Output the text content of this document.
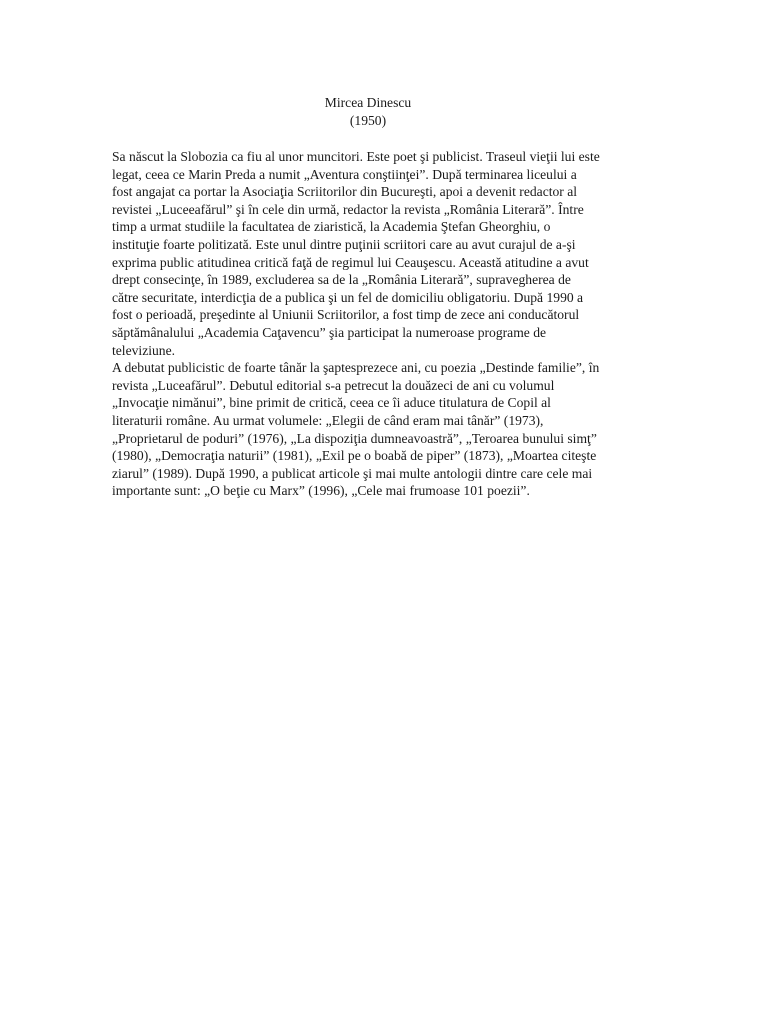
Mircea Dinescu
(1950)

Sa născut la Slobozia ca fiu al unor muncitori. Este poet şi publicist. Traseul vieţii lui este
legat, ceea ce Marin Preda a numit „Aventura conştiinţei”. După terminarea liceului a
fost angajat ca portar la Asociaţia Scriitorilor din Bucureşti, apoi a devenit redactor al
revistei „Luceeafărul” şi în cele din urmă, redactor la revista „România Literară”. Între
timp a urmat studiile la facultatea de ziaristică, la Academia Ştefan Gheorghiu, o
instituţie foarte politizată. Este unul dintre puţinii scriitori care au avut curajul de a-şi
exprima public atitudinea critică faţă de regimul lui Ceauşescu. Această atitudine a avut
drept consecinţe, în 1989, excluderea sa de la „România Literară”, supravegherea de
către securitate, interdicţia de a publica şi un fel de domiciliu obligatoriu. După 1990 a
fost o perioadă, preşedinte al Uniunii Scriitorilor, a fost timp de zece ani conducătorul
săptămânalului „Academia Caţavencu” şia participat la numeroase programe de
televiziune.

A debutat publicistic de foarte tânăr la şaptesprezece ani, cu poezia „Destinde familie”, în
revista „Luceafărul”. Debutul editorial s-a petrecut la douăzeci de ani cu volumul
„Invocaţie nimănui”, bine primit de critică, ceea ce îi aduce titulatura de Copil al
literaturii române. Au urmat volumele: „Elegii de când eram mai tânăr” (1973),
„Proprietarul de poduri” (1976), „La dispoziţia dumneavoastră”, „Teroarea bunului simţ”
(1980), „Democraţia naturii” (1981), „Exil pe o boabă de piper” (1873), „Moartea citeşte
ziarul” (1989). După 1990, a publicat articole şi mai multe antologii dintre care cele mai
importante sunt: „O beţie cu Marx” (1996), „Cele mai frumoase 101 poezii”.
